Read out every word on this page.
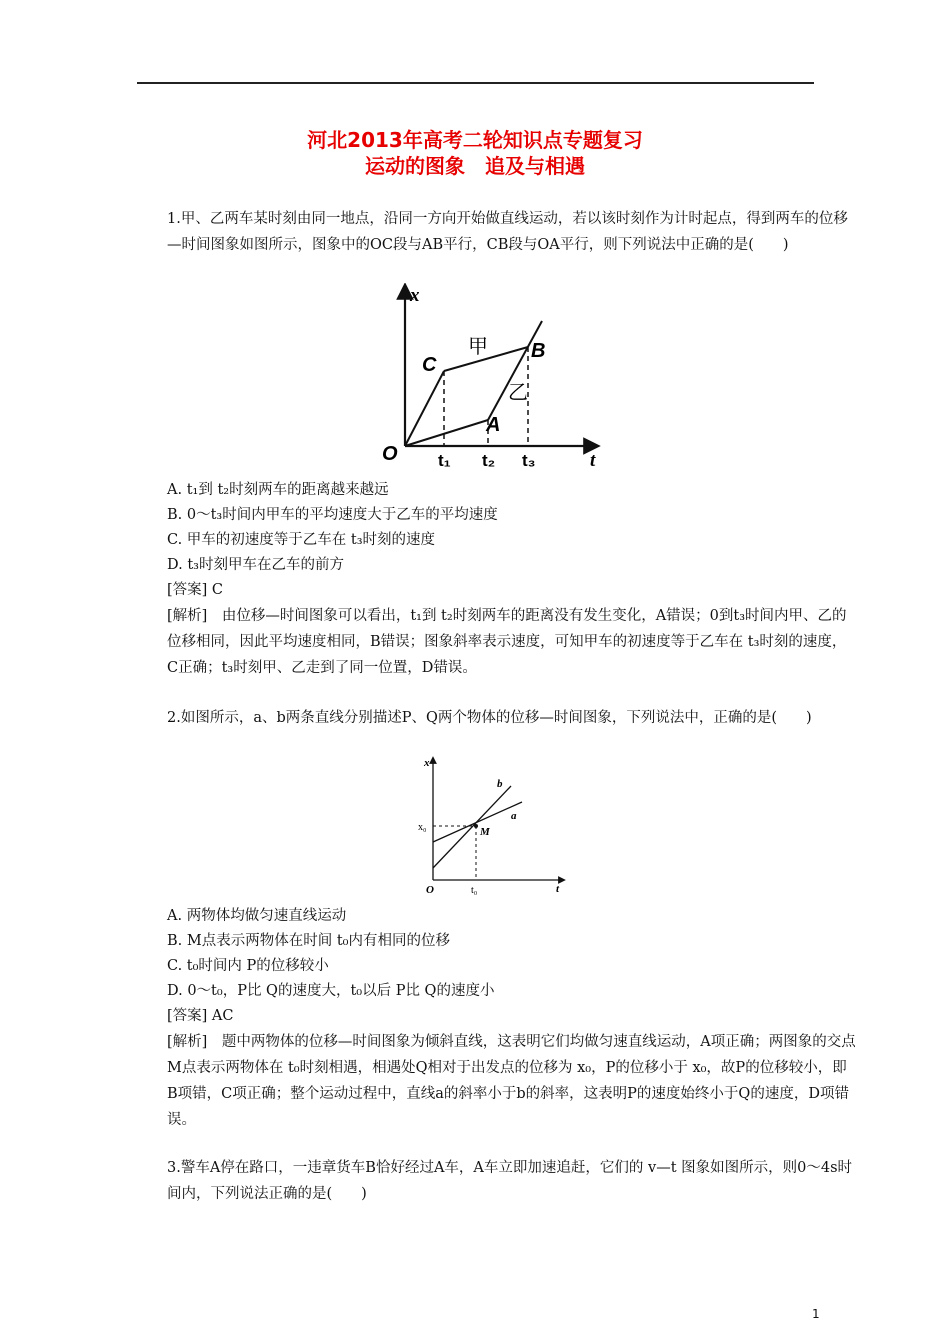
河北2013年高考二轮知识点专题复习
运动的图象　追及与相遇

1.甲、乙两车某时刻由同一地点，沿同一方向开始做直线运动，若以该时刻作为计时起点，得到两车的位移—时间图象如图所示，图象中的OC段与AB平行，CB段与OA平行，则下列说法中正确的是(　　)

x
t
O
C
B
A
甲
乙
t₁ t₂ t₃
A. t₁到 t₂时刻两车的距离越来越远
B. 0～t₃时间内甲车的平均速度大于乙车的平均速度
C. 甲车的初速度等于乙车在 t₃时刻的速度
D. t₃时刻甲车在乙车的前方
[答案] C

[解析]　由位移—时间图象可以看出，t₁到 t₂时刻两车的距离没有发生变化，A错误；0到t₃时间内甲、乙的位移相同，因此平均速度相同，B错误；图象斜率表示速度，可知甲车的初速度等于乙车在 t₃时刻的速度，C正确；t₃时刻甲、乙走到了同一位置，D错误。

2.如图所示，a、b两条直线分别描述P、Q两个物体的位移—时间图象，下列说法中，正确的是(　　)

x
t
O
x₀
t₀
M
a
b
A. 两物体均做匀速直线运动
B. M点表示两物体在时间 t₀内有相同的位移
C. t₀时间内 P的位移较小
D. 0～t₀，P比 Q的速度大，t₀以后 P比 Q的速度小
[答案] AC

[解析]　题中两物体的位移—时间图象为倾斜直线，这表明它们均做匀速直线运动，A项正确；两图象的交点M点表示两物体在 t₀时刻相遇，相遇处Q相对于出发点的位移为 x₀，P的位移小于 x₀，故P的位移较小，即B项错，C项正确；整个运动过程中，直线a的斜率小于b的斜率，这表明P的速度始终小于Q的速度，D项错误。

3.警车A停在路口，一违章货车B恰好经过A车，A车立即加速追赶，它们的 v—t 图象如图所示，则0～4s时间内，下列说法正确的是(　　)

1
